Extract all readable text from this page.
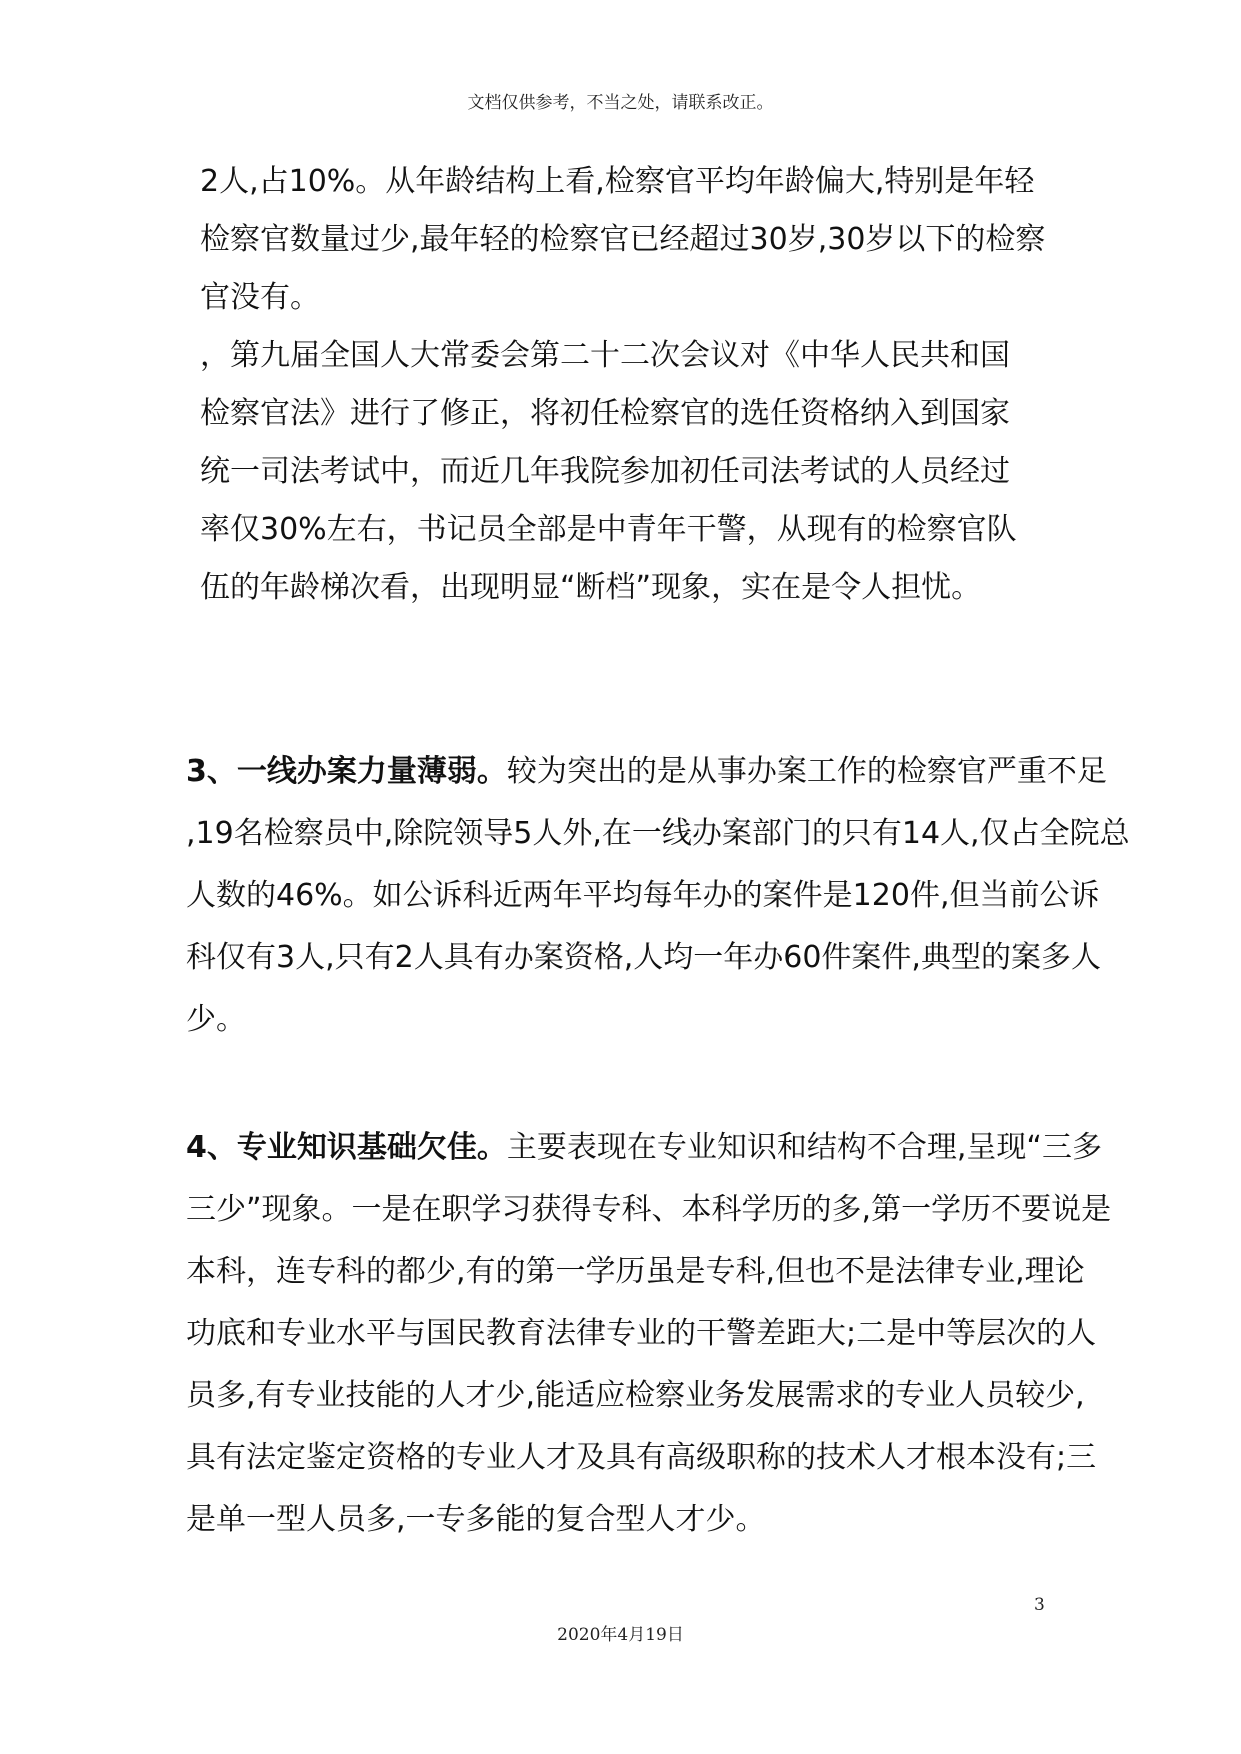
文档仅供参考，不当之处，请联系改正。
2人,占10%。从年龄结构上看,检察官平均年龄偏大,特别是年轻
检察官数量过少,最年轻的检察官已经超过30岁,30岁以下的检察
官没有。
，第九届全国人大常委会第二十二次会议对《中华人民共和国
检察官法》进行了修正，将初任检察官的选任资格纳入到国家
统一司法考试中，而近几年我院参加初任司法考试的人员经过
率仅30%左右，书记员全部是中青年干警，从现有的检察官队
伍的年龄梯次看，出现明显“断档”现象，实在是令人担忧。
3、一线办案力量薄弱。较为突出的是从事办案工作的检察官严重不足
,19名检察员中,除院领导5人外,在一线办案部门的只有14人,仅占全院总
人数的46%。如公诉科近两年平均每年办的案件是120件,但当前公诉
科仅有3人,只有2人具有办案资格,人均一年办60件案件,典型的案多人
少。
4、专业知识基础欠佳。主要表现在专业知识和结构不合理,呈现“三多
三少”现象。一是在职学习获得专科、本科学历的多,第一学历不要说是
本科，连专科的都少,有的第一学历虽是专科,但也不是法律专业,理论
功底和专业水平与国民教育法律专业的干警差距大;二是中等层次的人
员多,有专业技能的人才少,能适应检察业务发展需求的专业人员较少,
具有法定鉴定资格的专业人才及具有高级职称的技术人才根本没有;三
是单一型人员多,一专多能的复合型人才少。
3
2020年4月19日
